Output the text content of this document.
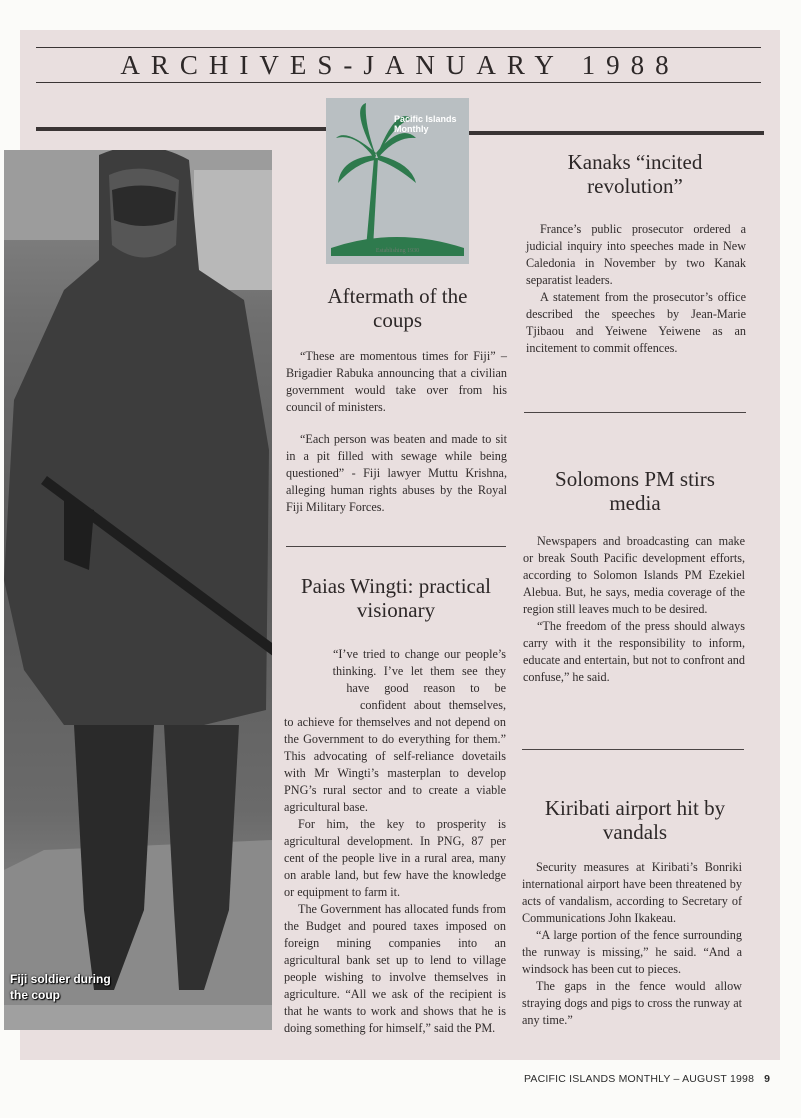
ARCHIVES-JANUARY 1988
Fiji soldier during the coup
Pacific Islands Monthly
Establishing 1930
Aftermath of the coups

“These are momentous times for Fiji” – Brigadier Rabuka announcing that a civilian government would take over from his council of ministers.

“Each person was beaten and made to sit in a pit filled with sewage while being questioned” - Fiji lawyer Muttu Krishna, alleging human rights abuses by the Royal Fiji Military Forces.

Paias Wingti: practical visionary

“I’ve tried to change our people’s thinking. I’ve let them see they have good reason to be confident about themselves, to achieve for themselves and not depend on the Government to do everything for them.” This advocating of self-reliance dovetails with Mr Wingti’s masterplan to develop PNG’s rural sector and to create a viable agricultural base.

For him, the key to prosperity is agricultural development. In PNG, 87 per cent of the people live in a rural area, many on arable land, but few have the knowledge or equipment to farm it.

The Government has allocated funds from the Budget and poured taxes imposed on foreign mining companies into an agricultural bank set up to lend to village people wishing to involve themselves in agriculture. “All we ask of the recipient is that he wants to work and shows that he is doing something for himself,” said the PM.

Kanaks “incited revolution”

France’s public prosecutor ordered a judicial inquiry into speeches made in New Caledonia in November by two Kanak separatist leaders.

A statement from the prosecutor’s office described the speeches by Jean-Marie Tjibaou and Yeiwene Yeiwene as an incitement to commit offences.

Solomons PM stirs media

Newspapers and broadcasting can make or break South Pacific development efforts, according to Solomon Islands PM Ezekiel Alebua. But, he says, media coverage of the region still leaves much to be desired.

“The freedom of the press should always carry with it the responsibility to inform, educate and entertain, but not to confront and confuse,” he said.

Kiribati airport hit by vandals

Security measures at Kiribati’s Bonriki international airport have been threatened by acts of vandalism, according to Secretary of Communications John Ikakeau.

“A large portion of the fence surrounding the runway is missing,” he said. “And a windsock has been cut to pieces.

The gaps in the fence would allow straying dogs and pigs to cross the runway at any time.”

PACIFIC ISLANDS MONTHLY – AUGUST 1998 9
